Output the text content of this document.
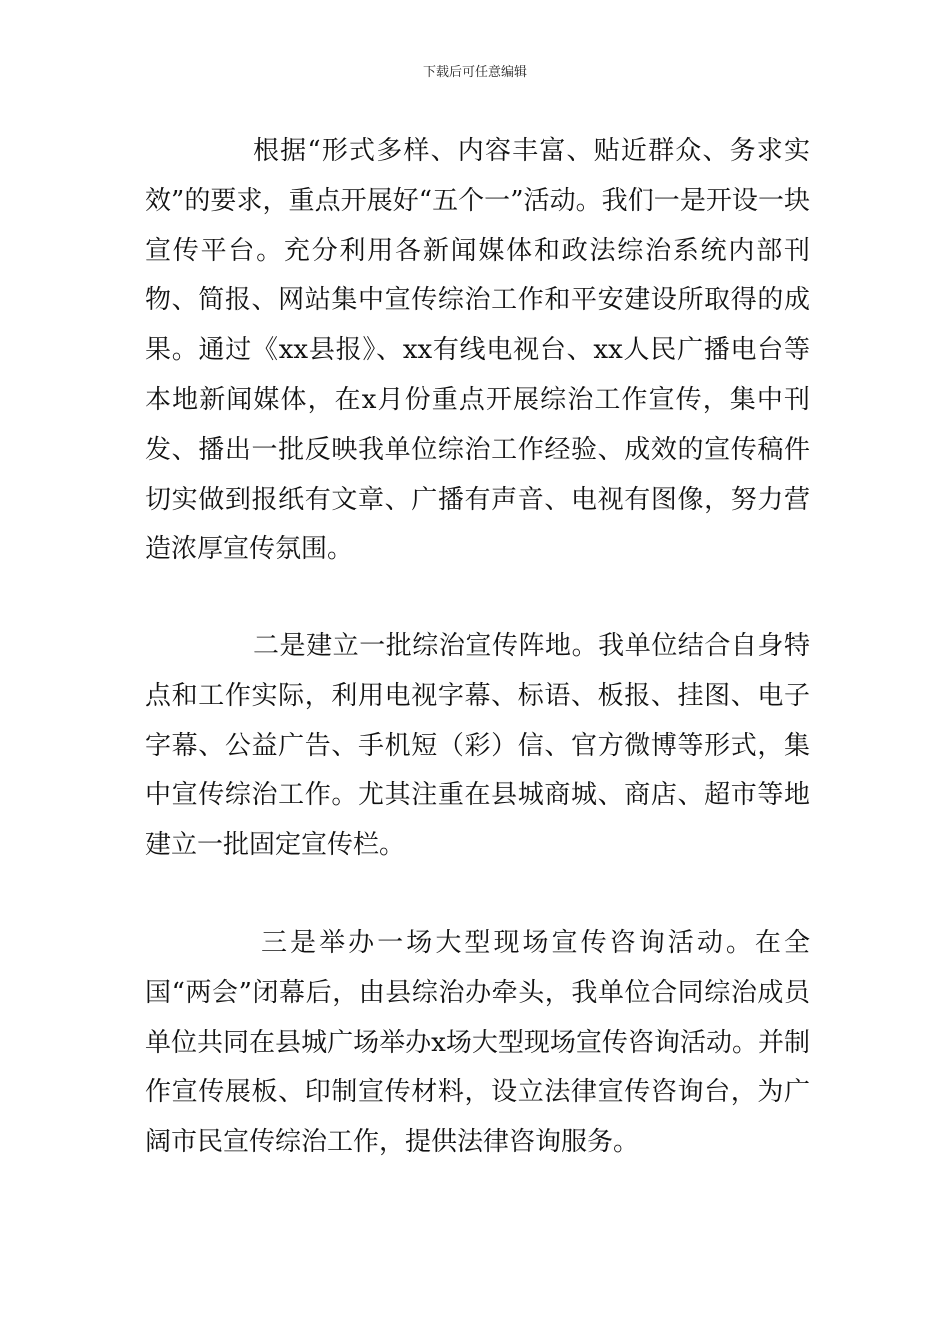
下载后可任意编辑

根据“形式多样、内容丰富、贴近群众、务求实效”的要求，重点开展好“五个一”活动。我们一是开设一块宣传平台。充分利用各新闻媒体和政法综治系统内部刊物、简报、网站集中宣传综治工作和平安建设所取得的成果。通过《xx县报》、xx有线电视台、xx人民广播电台等本地新闻媒体，在x月份重点开展综治工作宣传，集中刊发、播出一批反映我单位综治工作经验、成效的宣传稿件切实做到报纸有文章、广播有声音、电视有图像，努力营造浓厚宣传氛围。

二是建立一批综治宣传阵地。我单位结合自身特点和工作实际，利用电视字幕、标语、板报、挂图、电子字幕、公益广告、手机短（彩）信、官方微博等形式，集中宣传综治工作。尤其注重在县城商城、商店、超市等地建立一批固定宣传栏。

三是举办一场大型现场宣传咨询活动。在全国“两会”闭幕后，由县综治办牵头，我单位合同综治成员单位共同在县城广场举办x场大型现场宣传咨询活动。并制作宣传展板、印制宣传材料，设立法律宣传咨询台，为广阔市民宣传综治工作，提供法律咨询服务。
